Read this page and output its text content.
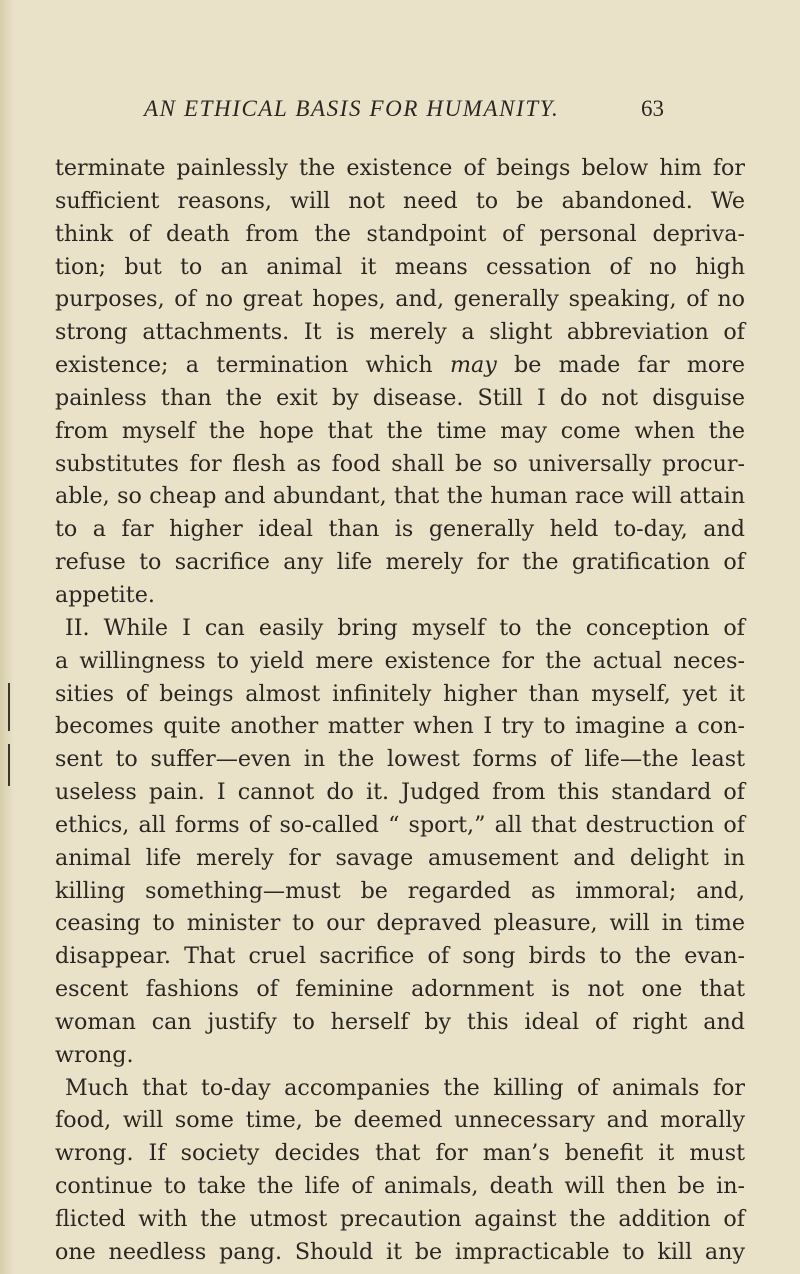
AN ETHICAL BASIS FOR HUMANITY.	63
terminate painlessly the existence of beings below him for
sufficient reasons, will not need to be abandoned. We
think of death from the standpoint of personal depriva-
tion; but to an animal it means cessation of no high
purposes, of no great hopes, and, generally speaking, of no
strong attachments. It is merely a slight abbreviation of
existence; a termination which may be made far more
painless than the exit by disease. Still I do not disguise
from myself the hope that the time may come when the
substitutes for flesh as food shall be so universally procur-
able, so cheap and abundant, that the human race will attain
to a far higher ideal than is generally held to-day, and
refuse to sacrifice any life merely for the gratification of
appetite.
II. While I can easily bring myself to the conception of
a willingness to yield mere existence for the actual neces-
sities of beings almost infinitely higher than myself, yet it
becomes quite another matter when I try to imagine a con-
sent to suffer—even in the lowest forms of life—the least
useless pain. I cannot do it. Judged from this standard of
ethics, all forms of so-called “ sport,” all that destruction of
animal life merely for savage amusement and delight in
killing something—must be regarded as immoral; and,
ceasing to minister to our depraved pleasure, will in time
disappear. That cruel sacrifice of song birds to the evan-
escent fashions of feminine adornment is not one that
woman can justify to herself by this ideal of right and
wrong.
Much that to-day accompanies the killing of animals for
food, will some time, be deemed unnecessary and morally
wrong. If society decides that for man’s benefit it must
continue to take the life of animals, death will then be in-
flicted with the utmost precaution against the addition of
one needless pang. Should it be impracticable to kill any
